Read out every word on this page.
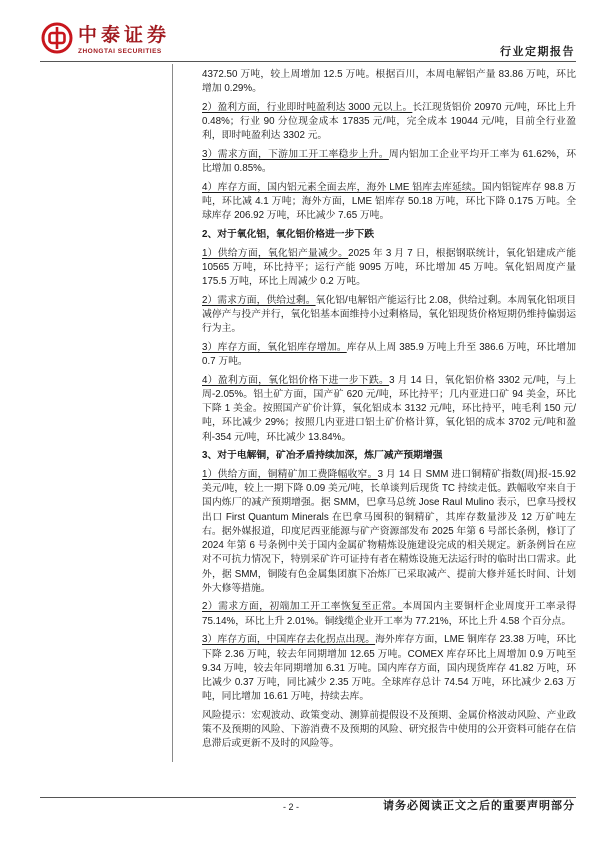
中泰证券
ZHONGTAI SECURITIES	行业定期报告

4372.50 万吨，较上周增加 12.5 万吨。根据百川，本周电解铝产量 83.86 万吨，环比增加 0.29%。

2）盈利方面，行业即时吨盈利达 3000 元以上。长江现货铝价 20970 元/吨，环比上升 0.48%；行业 90 分位现金成本 17835 元/吨，完全成本 19044 元/吨，目前全行业盈利，即时吨盈利达 3302 元。

3）需求方面，下游加工开工率稳步上升。周内铝加工企业平均开工率为 61.62%，环比增加 0.85%。

4）库存方面，国内铝元素全面去库，海外 LME 铝库去库延续。国内铝锭库存 98.8 万吨，环比减 4.1 万吨；海外方面，LME 铝库存 50.18 万吨，环比下降 0.175 万吨。全球库存 206.92 万吨，环比减少 7.65 万吨。

2、对于氧化铝，氧化铝价格进一步下跌

1）供给方面，氧化铝产量减少。2025 年 3 月 7 日，根据钢联统计，氧化铝建成产能 10565 万吨，环比持平；运行产能 9095 万吨，环比增加 45 万吨。氧化铝周度产量 175.5 万吨，环比上周减少 0.2 万吨。

2）需求方面，供给过剩。氧化铝/电解铝产能运行比 2.08，供给过剩。本周氧化铝项目减停产与投产并行，氧化铝基本面维持小过剩格局，氧化铝现货价格短期仍维持偏弱运行为主。

3）库存方面，氧化铝库存增加。库存从上周 385.9 万吨上升至 386.6 万吨，环比增加 0.7 万吨。

4）盈利方面，氧化铝价格下进一步下跌。3 月 14 日，氧化铝价格 3302 元/吨，与上周-2.05%。铝土矿方面，国产矿 620 元/吨，环比持平；几内亚进口矿 94 美金，环比下降 1 美金。按照国产矿价计算，氧化铝成本 3132 元/吨，环比持平，吨毛利 150 元/吨，环比减少 29%；按照几内亚进口铝土矿价格计算，氧化铝的成本 3702 元/吨和盈利-354 元/吨，环比减少 13.84%。

3、对于电解铜，矿冶矛盾持续加深，炼厂减产预期增强

1）供给方面，铜精矿加工费降幅收窄。3 月 14 日 SMM 进口铜精矿指数(周)报-15.92 美元/吨，较上一期下降 0.09 美元/吨，长单谈判后现货 TC 持续走低。跌幅收窄来自于国内炼厂的减产预期增强。据 SMM，巴拿马总统 Jose Raul Mulino 表示，巴拿马授权出口 First Quantum Minerals 在巴拿马囤积的铜精矿，其库存数量涉及 12 万矿吨左右。据外媒报道，印度尼西亚能源与矿产资源部发布 2025 年第 6 号部长条例，修订了 2024 年第 6 号条例中关于国内金属矿物精炼设施建设完成的相关规定。新条例旨在应对不可抗力情况下，特别采矿许可证持有者在精炼设施无法运行时的临时出口需求。此外，据 SMM，铜陵有色金属集团旗下冶炼厂已采取减产、提前大修并延长时间、计划外大修等措施。

2）需求方面，初端加工开工率恢复至正常。本周国内主要铜杆企业周度开工率录得 75.14%，环比上升 2.01%。铜线缆企业开工率为 77.21%，环比上升 4.58 个百分点。

3）库存方面，中国库存去化拐点出现。海外库存方面，LME 铜库存 23.38 万吨，环比下降 2.36 万吨，较去年同期增加 12.65 万吨。COMEX 库存环比上周增加 0.9 万吨至 9.34 万吨，较去年同期增加 6.31 万吨。国内库存方面，国内现货库存 41.82 万吨，环比减少 0.37 万吨，同比减少 2.35 万吨。全球库存总计 74.54 万吨，环比减少 2.63 万吨，同比增加 16.61 万吨，持续去库。

风险提示：宏观波动、政策变动、测算前提假设不及预期、金属价格波动风险、产业政策不及预期的风险、下游消费不及预期的风险、研究报告中使用的公开资料可能存在信息滞后或更新不及时的风险等。

- 2 -	请务必阅读正文之后的重要声明部分
